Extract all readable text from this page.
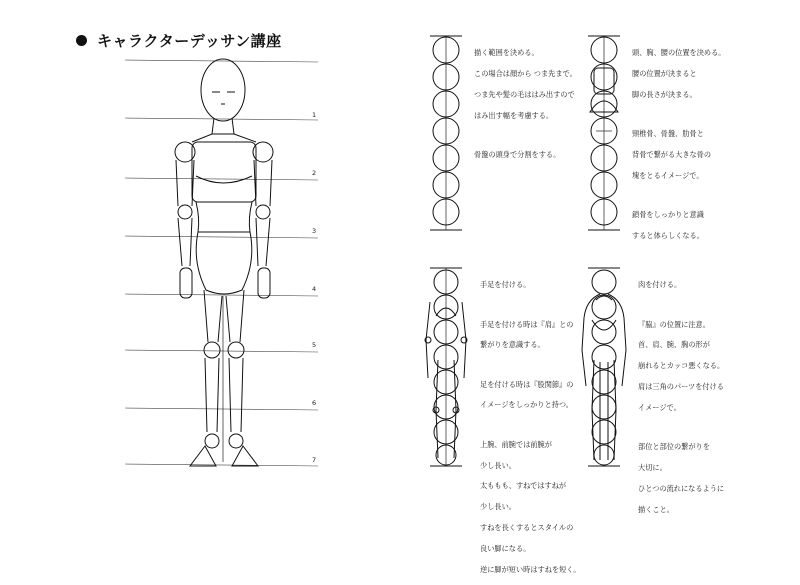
キャラクターデッサン講座
1
2
3
4
5
6
7

描く範囲を決める。

この場合は顔から つま先まで。

つま先や髪の毛ははみ出すので

はみ出す幅を考慮する。

骨盤の頭身で分割をする。

頭、胸、腰の位置を決める。

腰の位置が決まると

脚の長さが決まる。

頸椎骨、骨盤、肋骨と

背骨で繋がる大きな骨の

塊をとるイメージで。

鎖骨をしっかりと意識

すると体らしくなる。

手足を付ける。

手足を付ける時は『肩』との

繋がりを意識する。

足を付ける時は『股関節』の

イメージをしっかりと持つ。

上腕、前腕では前腕が

少し長い。

太ももも、すねではすねが

少し長い。

すねを長くするとスタイルの

良い脚になる。

逆に脚が短い時はすねを短く。

肉を付ける。

『脇』の位置に注意。

首、肩、腕、胸の形が

崩れるとカッコ悪くなる。

肩は三角のパーツを付ける

イメージで。

部位と部位の繋がりを

大切に。

ひとつの流れになるように

描くこと。
